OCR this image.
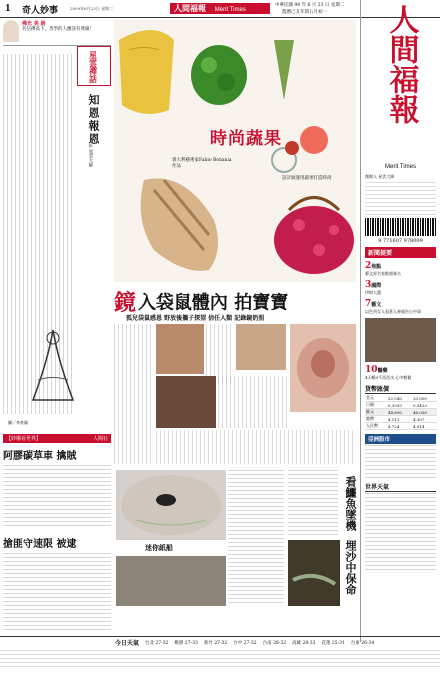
1 奇人妙事	2009年6月23日 星期二	人間福報 Merit Times
中華民國 98 年 6 月 23 日 星期二
農曆己丑年閏五月初一
佛光 美 語
名信佛高下，善學的人應該有尊嚴！
星雲禪話
知恩報恩
◎星雲大師
圖／李豪穎
時尚蔬果
義大利藝術家Fabio Bonania 作品
設計師運用蔬果打造時尚
鏡 入袋鼠體內 拍寶寶
孤兒袋鼠感恩 野放後攜子探望 信任人類 記錄鏡奶照
【妙哪看世界】	人間社
阿膠碳草車 擒賊
搶匪守速限 被逮	迷你紙船
看鱷魚墜機
埋沙中保命
人間福報
Merit Times
創辦人 星雲大師
9 771607 978009
新聞提要
2焦點
藝文界名家點閱簽名
3國際
伊朗大選
7藝文
以色列女人看著人神報告心中事
10醫藥
4天暢9千西西水 心中輕鬆
貨幣匯價
美元	32.540	33.000
日圓	0.3393	0.3433
歐元	44.890	46.050
港幣	4.111	4.307
人民幣	4.724	4.914
亞洲股市
世界天氣
今日天氣 台北 27-32 桃園 27-33 新竹 27-32 台中 27-32 台南 28-32 高雄 28-33 花蓮 25-31 台東 26-34
